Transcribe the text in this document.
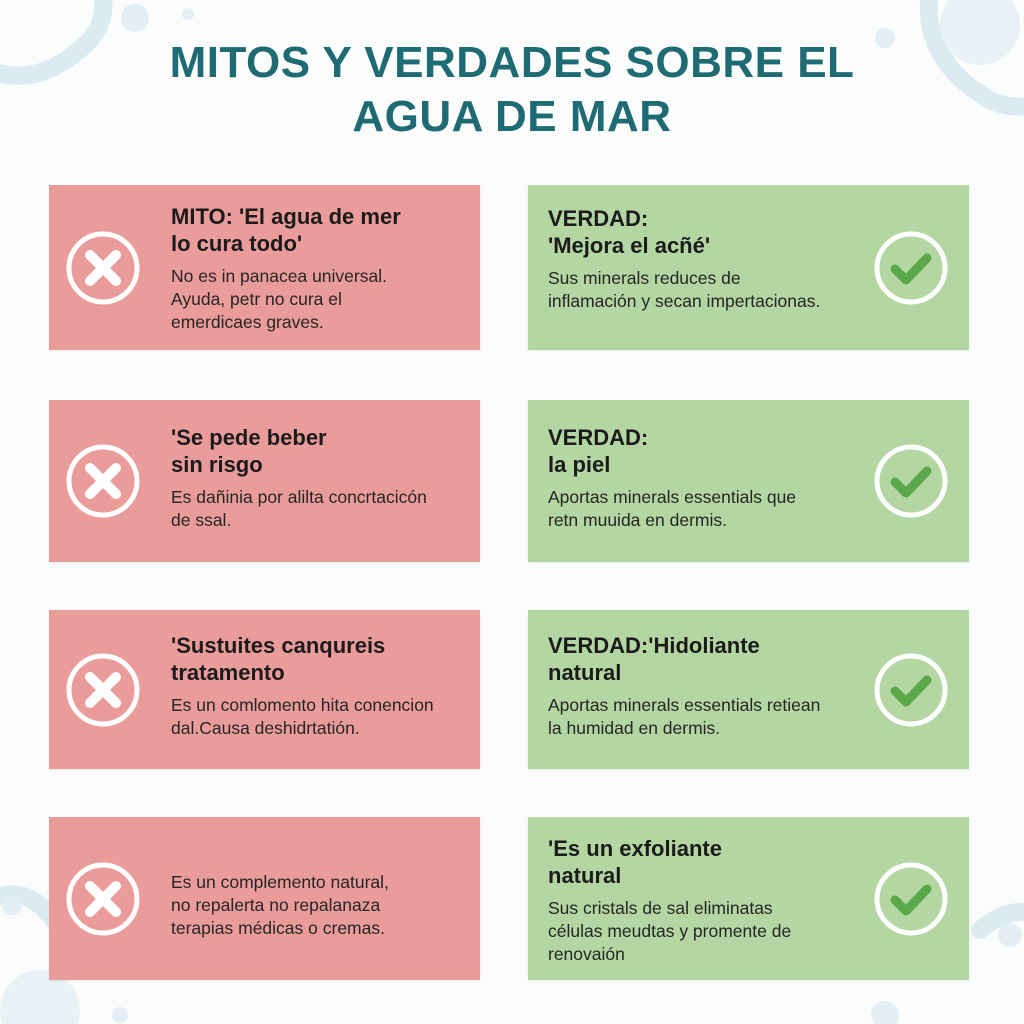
MITOS Y VERDADES SOBRE EL
AGUA DE MAR
MITO: 'El agua de mer
lo cura todo'
No es in panacea universal.
Ayuda, petr no cura el
emerdicaes graves.
'Se pede beber
sin risgo
Es dañinia por alilta concrtacicón
de ssal.
'Sustuites canqureis
tratamento
Es un comlomento hita conencion
dal.Causa deshidrtatión.
Es un complemento natural,
no repalerta no repalanaza
terapias médicas o cremas.
VERDAD:
'Mejora el acñé'
Sus minerals reduces de
inflamación y secan impertacionas.
VERDAD:
la piel
Aportas minerals essentials que
retn muuida en dermis.
VERDAD:'Hidoliante
natural
Aportas minerals essentials retiean
la humidad en dermis.
'Es un exfoliante
natural
Sus cristals de sal eliminatas
células meudtas y promente de
renovaión
